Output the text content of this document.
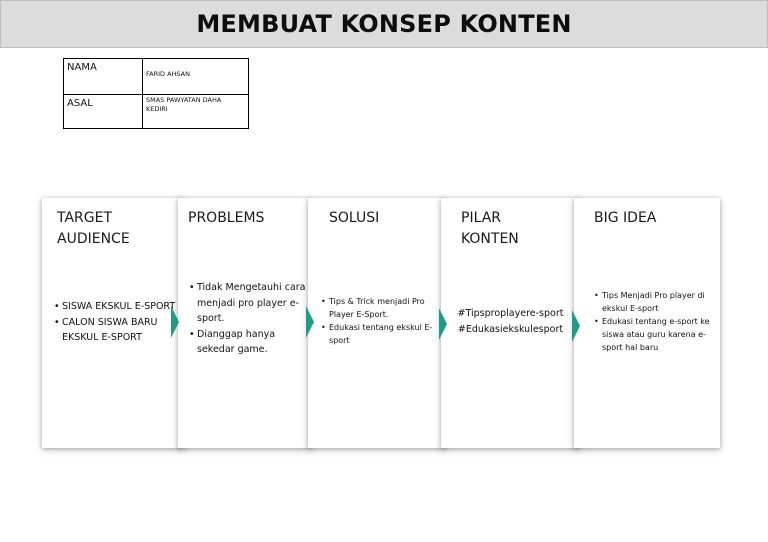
MEMBUAT KONSEP KONTEN
NAMA	FARID AHSAN
ASAL	SMAS PAWYATAN DAHA KEDIRI
TARGET AUDIENCE
• SISWA EKSKUL E-SPORT
• CALON SISWA BARU EKSKUL E-SPORT
PROBLEMS
• Tidak Mengetauhi cara menjadi pro player e-sport.
• Dianggap hanya sekedar game.
SOLUSI
• Tips & Trick menjadi Pro Player E-Sport.
• Edukasi tentang ekskul E-sport
PILAR KONTEN
#Tipsproplayere-sport
#Edukasiekskulesport
BIG IDEA
• Tips Menjadi Pro player di ekskul E-sport
• Edukasi tentang e-sport ke siswa atau guru karena e-sport hal baru
